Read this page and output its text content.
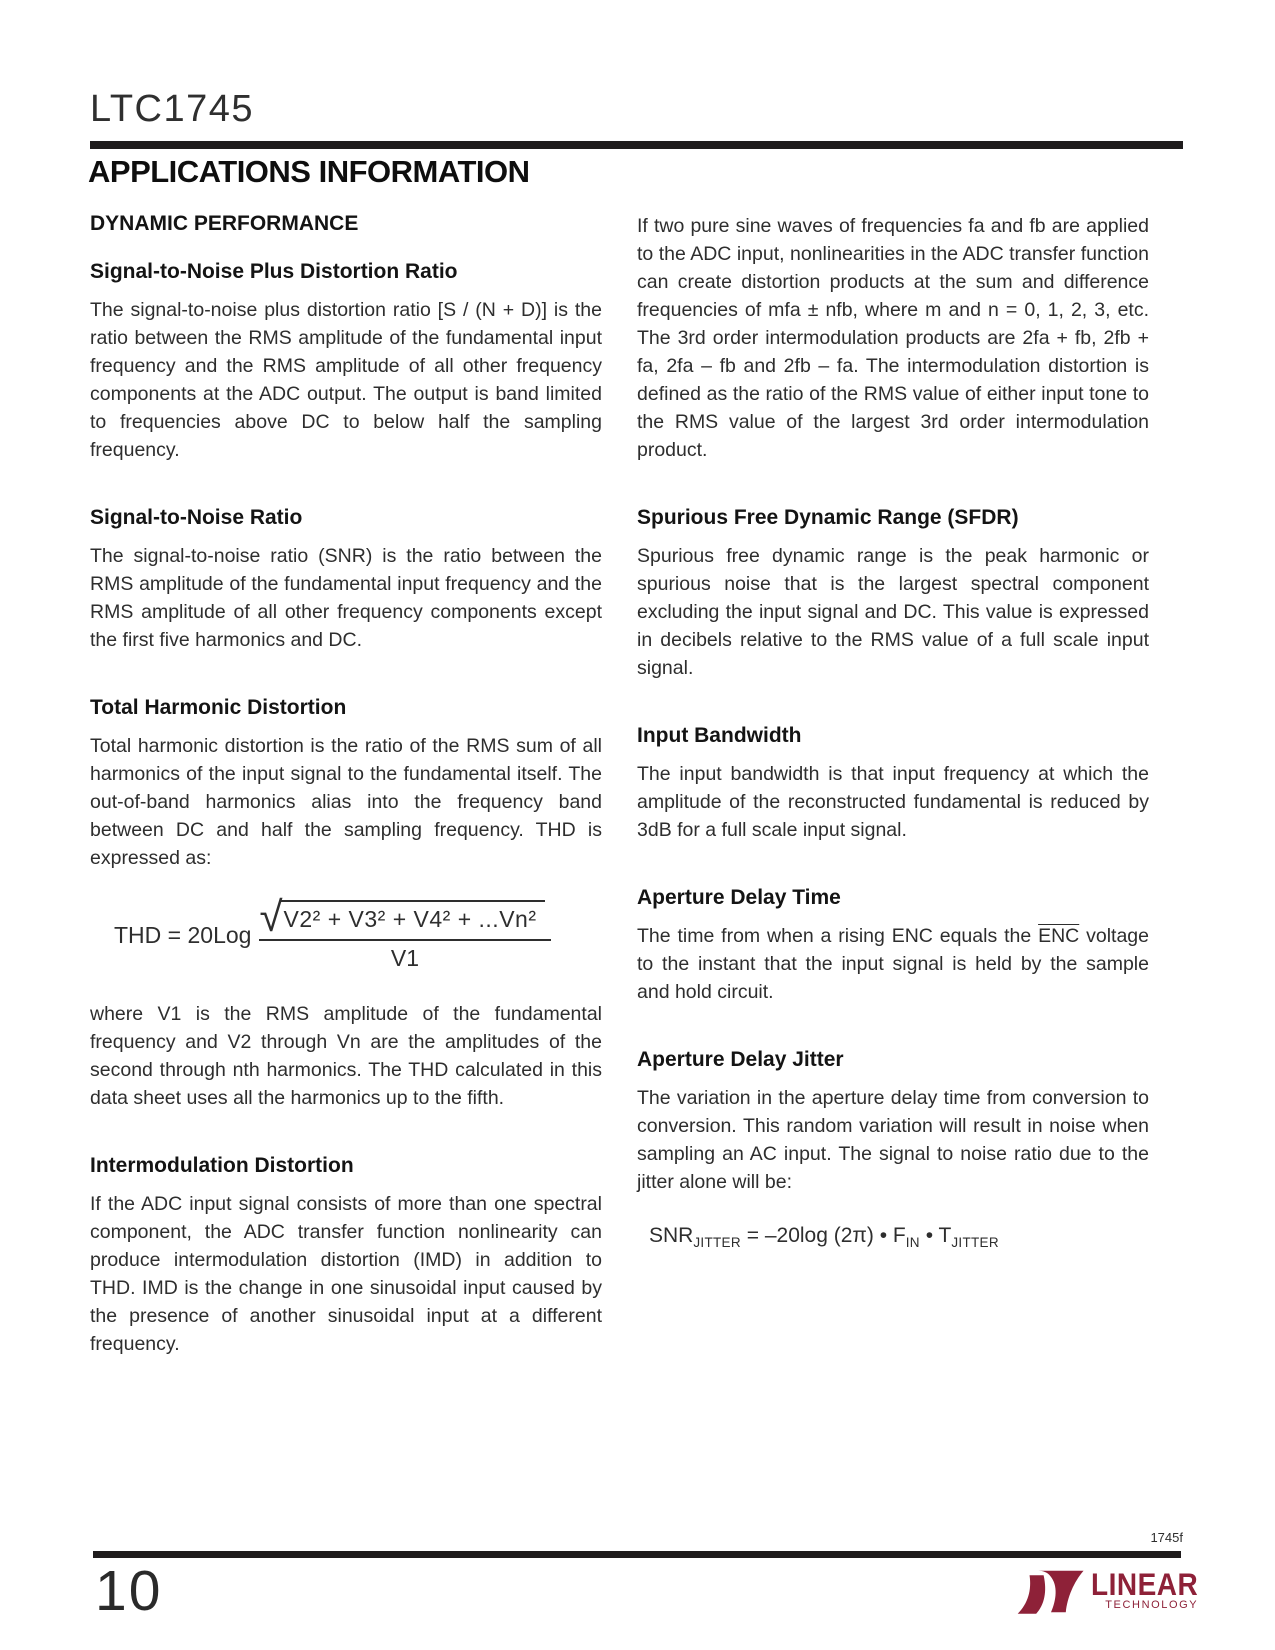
LTC1745
APPLICATIONS INFORMATION
DYNAMIC PERFORMANCE
Signal-to-Noise Plus Distortion Ratio

The signal-to-noise plus distortion ratio [S / (N + D)] is the ratio between the RMS amplitude of the fundamental input frequency and the RMS amplitude of all other frequency components at the ADC output. The output is band limited to frequencies above DC to below half the sampling frequency.

Signal-to-Noise Ratio

The signal-to-noise ratio (SNR) is the ratio between the RMS amplitude of the fundamental input frequency and the RMS amplitude of all other frequency components except the first five harmonics and DC.

Total Harmonic Distortion

Total harmonic distortion is the ratio of the RMS sum of all harmonics of the input signal to the fundamental itself. The out-of-band harmonics alias into the frequency band between DC and half the sampling frequency. THD is expressed as:

THD = $20Log \frac{\text{√ V2² + V3² + V4² + ...Vn²}}{V1}$

where V1 is the RMS amplitude of the fundamental frequency and V2 through Vn are the amplitudes of the second through nth harmonics. The THD calculated in this data sheet uses all the harmonics up to the fifth.

Intermodulation Distortion

If the ADC input signal consists of more than one spectral component, the ADC transfer function nonlinearity can produce intermodulation distortion (IMD) in addition to THD. IMD is the change in one sinusoidal input caused by the presence of another sinusoidal input at a different frequency.

If two pure sine waves of frequencies fa and fb are applied to the ADC input, nonlinearities in the ADC transfer function can create distortion products at the sum and difference frequencies of mfa ± nfb, where m and n = 0, 1, 2, 3, etc. The 3rd order intermodulation products are 2fa + fb, 2fb + fa, 2fa – fb and 2fb – fa. The intermodulation distortion is defined as the ratio of the RMS value of either input tone to the RMS value of the largest 3rd order intermodulation product.

Spurious Free Dynamic Range (SFDR)

Spurious free dynamic range is the peak harmonic or spurious noise that is the largest spectral component excluding the input signal and DC. This value is expressed in decibels relative to the RMS value of a full scale input signal.

Input Bandwidth

The input bandwidth is that input frequency at which the amplitude of the reconstructed fundamental is reduced by 3dB for a full scale input signal.

Aperture Delay Time

The time from when a rising ENC equals the $\overline{ENC}$ voltage to the instant that the input signal is held by the sample and hold circuit.

Aperture Delay Jitter

The variation in the aperture delay time from conversion to conversion. This random variation will result in noise when sampling an AC input. The signal to noise ratio due to the jitter alone will be:

$SNR_{JITTER} = -20\log$ (2π) • $F_{IN}$ • $T_{JITTER}$
1745f
10	LINEAR
TECHNOLOGY
